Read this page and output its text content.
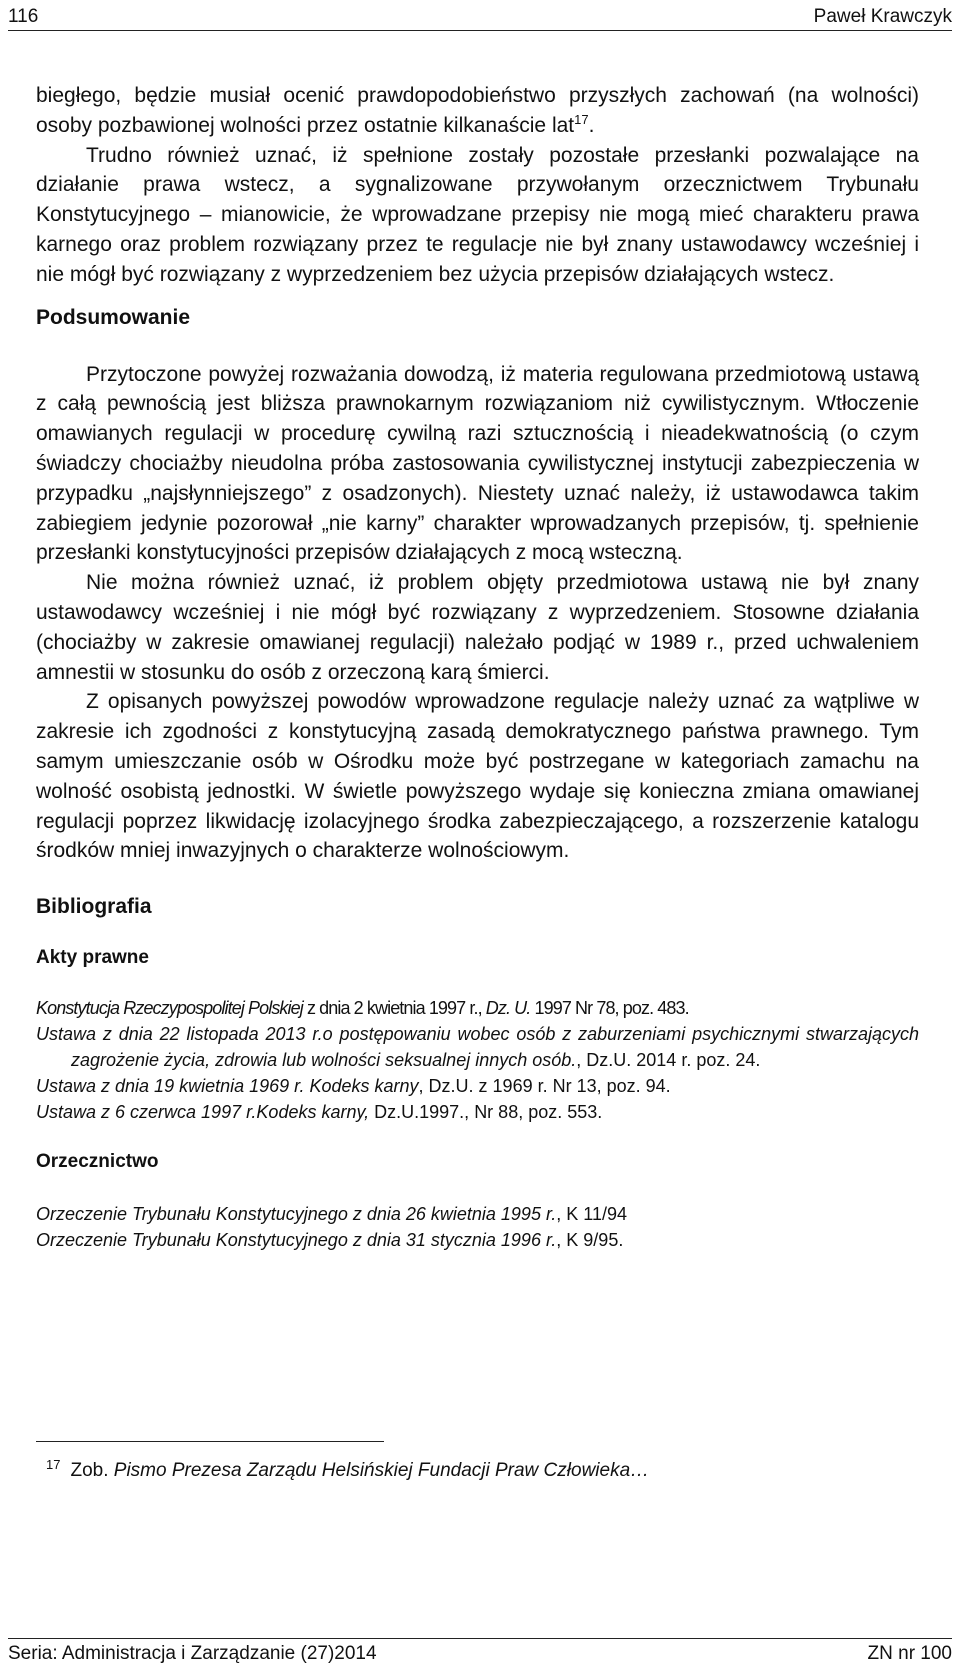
116	Paweł Krawczyk

biegłego, będzie musiał ocenić prawdopodobieństwo przyszłych zachowań (na wolności) osoby pozbawionej wolności przez ostatnie kilkanaście lat$^{17}$.

Trudno również uznać, iż spełnione zostały pozostałe przesłanki pozwalające na działanie prawa wstecz, a sygnalizowane przywołanym orzecznictwem Trybunału Konstytucyjnego – mianowicie, że wprowadzane przepisy nie mogą mieć charakteru prawa karnego oraz problem rozwiązany przez te regulacje nie był znany ustawodawcy wcześniej i nie mógł być rozwiązany z wyprzedzeniem bez użycia przepisów działających wstecz.

Podsumowanie

Przytoczone powyżej rozważania dowodzą, iż materia regulowana przedmiotową ustawą z całą pewnością jest bliższa prawnokarnym rozwiązaniom niż cywilistycznym. Wtłoczenie omawianych regulacji w procedurę cywilną razi sztucznością i nieadekwatnością (o czym świadczy chociażby nieudolna próba zastosowania cywilistycznej instytucji zabezpieczenia w przypadku „najsłynniejszego” z osadzonych). Niestety uznać należy, iż ustawodawca takim zabiegiem jedynie pozorował „nie karny” charakter wprowadzanych przepisów, tj. spełnienie przesłanki konstytucyjności przepisów działających z mocą wsteczną.

Nie można również uznać, iż problem objęty przedmiotowa ustawą nie był znany ustawodawcy wcześniej i nie mógł być rozwiązany z wyprzedzeniem. Stosowne działania (chociażby w zakresie omawianej regulacji) należało podjąć w 1989 r., przed uchwaleniem amnestii w stosunku do osób z orzeczoną karą śmierci.

Z opisanych powyższej powodów wprowadzone regulacje należy uznać za wątpliwe w zakresie ich zgodności z konstytucyjną zasadą demokratycznego państwa prawnego. Tym samym umieszczanie osób w Ośrodku może być postrzegane w kategoriach zamachu na wolność osobistą jednostki. W świetle powyższego wydaje się konieczna zmiana omawianej regulacji poprzez likwidację izolacyjnego środka zabezpieczającego, a rozszerzenie katalogu środków mniej inwazyjnych o charakterze wolnościowym.

Bibliografia
Akty prawne

Konstytucja Rzeczypospolitej Polskiej z dnia 2 kwietnia 1997 r., Dz. U. 1997 Nr 78, poz. 483.

Ustawa z dnia 22 listopada 2013 r.o postępowaniu wobec osób z zaburzeniami psychicznymi stwarzających zagrożenie życia, zdrowia lub wolności seksualnej innych osób., Dz.U. 2014 r. poz. 24.

Ustawa z dnia 19 kwietnia 1969 r. Kodeks karny, Dz.U. z 1969 r. Nr 13, poz. 94.

Ustawa z 6 czerwca 1997 r.Kodeks karny, Dz.U.1997., Nr 88, poz. 553.

Orzecznictwo

Orzeczenie Trybunału Konstytucyjnego z dnia 26 kwietnia 1995 r., K 11/94

Orzeczenie Trybunału Konstytucyjnego z dnia 31 stycznia 1996 r., K 9/95.

$^{17}$ Zob. Pismo Prezesa Zarządu Helsińskiej Fundacji Praw Człowieka…
Seria: Administracja i Zarządzanie (27)2014	ZN nr 100
